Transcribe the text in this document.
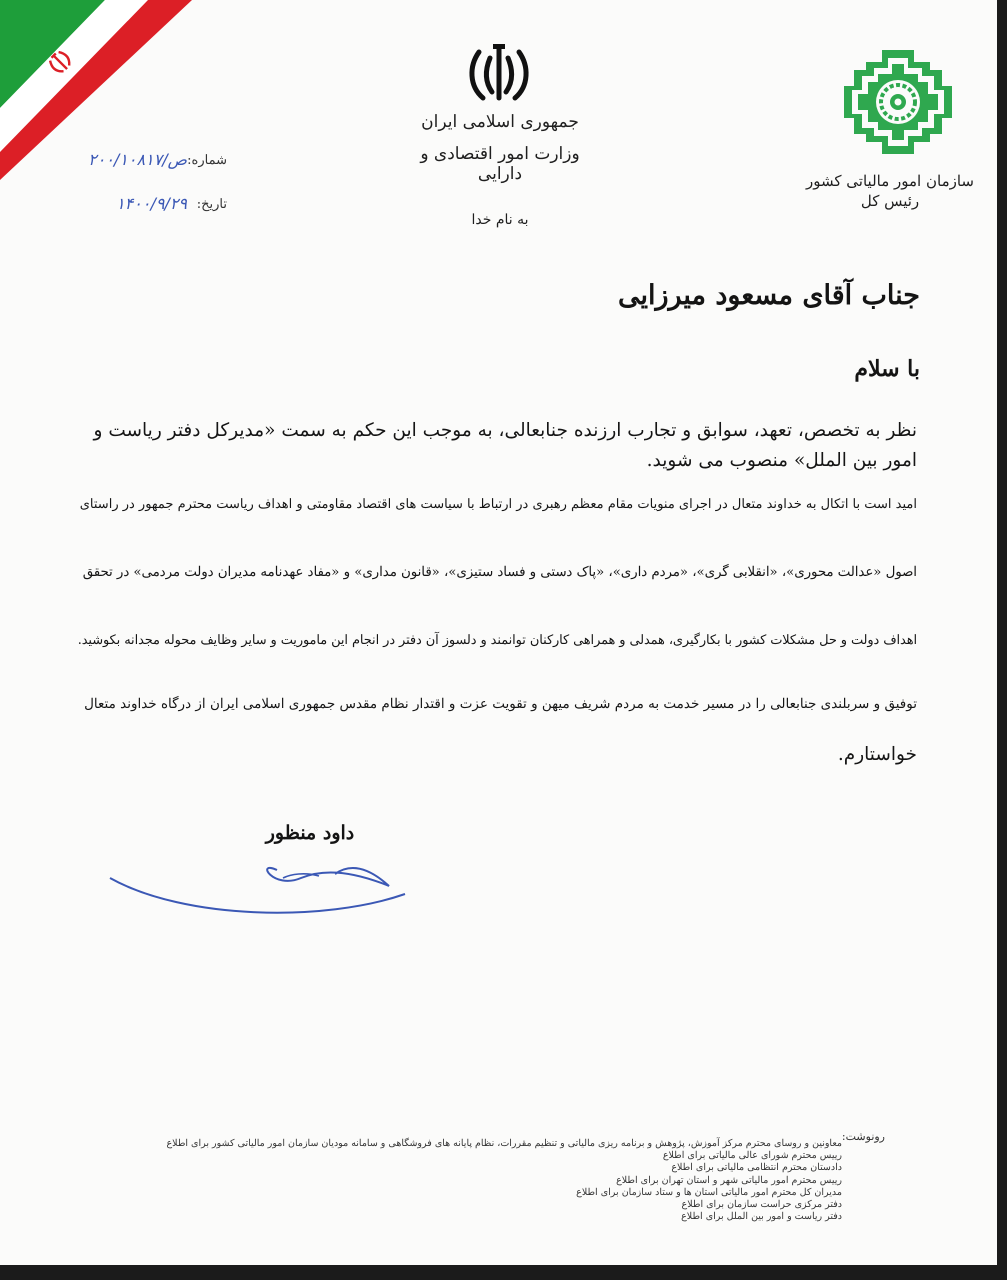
جمهوری اسلامی ایران
وزارت امور اقتصادی و دارایی
به نام خدا
سازمان امور مالیاتی کشور
رئیس کل
شماره:
۲۰۰/۱۰۸۱۷/ص
تاریخ:
۱۴۰۰/۹/۲۹
جناب آقای مسعود میرزایی
با سلام
نظر به تخصص، تعهد، سوابق و تجارب ارزنده جنابعالی، به موجب این حکم به سمت «مدیرکل دفتر ریاست و امور بین الملل» منصوب می شوید.
امید است با اتکال به خداوند متعال در اجرای منویات مقام معظم رهبری در ارتباط با سیاست های اقتصاد مقاومتی و اهداف ریاست محترم جمهور در راستای
اصول «عدالت محوری»، «انقلابی گری»، «مردم داری»، «پاک دستی و فساد ستیزی»، «قانون مداری» و «مفاد عهدنامه مدیران دولت مردمی» در تحقق
اهداف دولت و حل مشکلات کشور با بکارگیری، همدلی و همراهی کارکنان توانمند و دلسوز آن دفتر در انجام این ماموریت و سایر وظایف محوله مجدانه بکوشید.
توفیق و سربلندی جنابعالی را در مسیر خدمت به مردم شریف میهن و تقویت عزت و اقتدار نظام مقدس جمهوری اسلامی ایران از درگاه خداوند متعال
خواستارم.
داود منظور
رونوشت:
معاونین و روسای محترم مرکز آموزش، پژوهش و برنامه ریزی مالیاتی و تنظیم مقررات، نظام پایانه های فروشگاهی و سامانه مودیان سازمان امور مالیاتی کشور برای اطلاع
رییس محترم شورای عالی مالیاتی برای اطلاع
دادستان محترم انتظامی مالیاتی برای اطلاع
رییس محترم امور مالیاتی شهر و استان تهران برای اطلاع
مدیران کل محترم امور مالیاتی استان ها و ستاد سازمان برای اطلاع
دفتر مرکزی حراست سازمان برای اطلاع
دفتر ریاست و امور بین الملل برای اطلاع
